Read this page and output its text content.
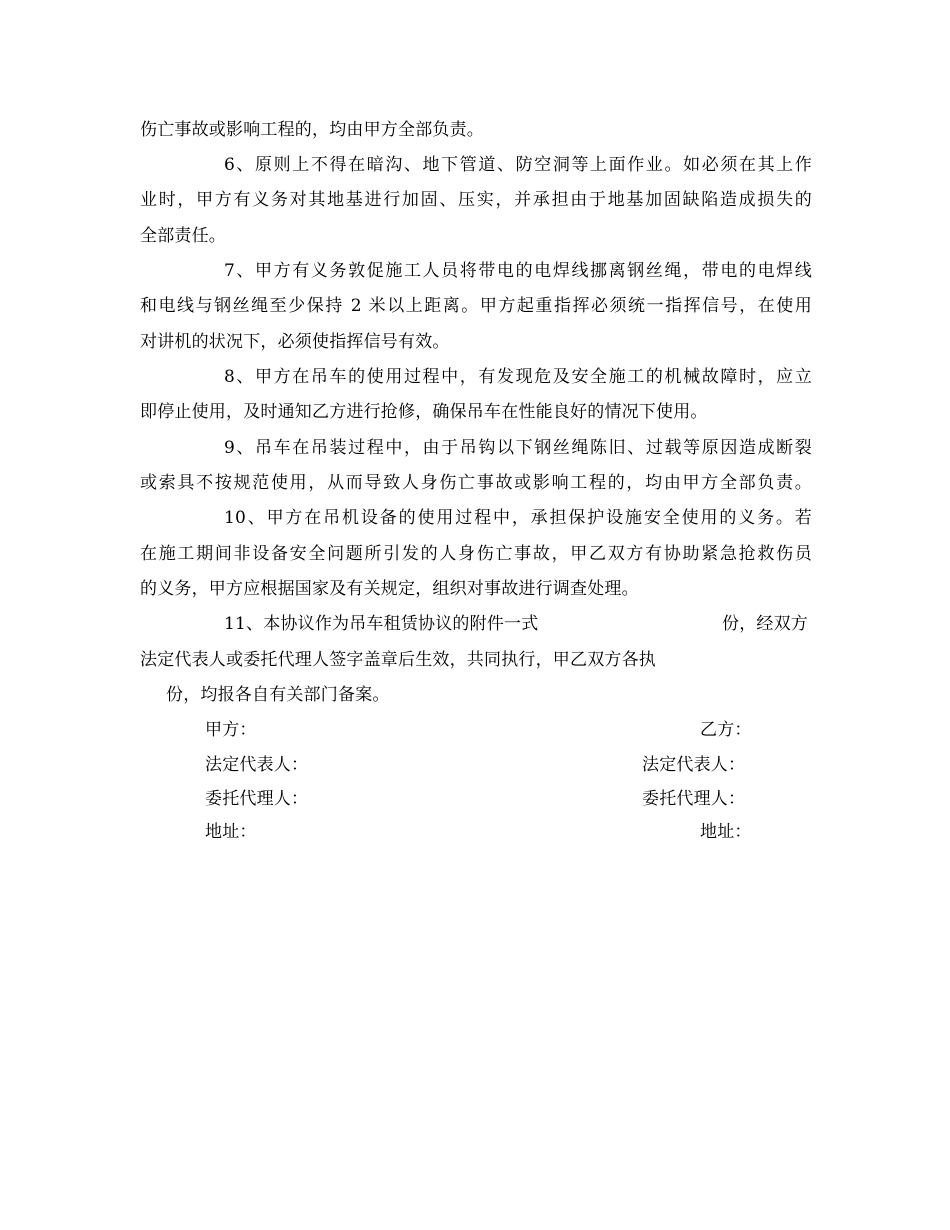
伤亡事故或影响工程的，均由甲方全部负责。
6、原则上不得在暗沟、地下管道、防空洞等上面作业。如必须在其上作
业时，甲方有义务对其地基进行加固、压实，并承担由于地基加固缺陷造成损失的
全部责任。
7、甲方有义务敦促施工人员将带电的电焊线挪离钢丝绳，带电的电焊线
和电线与钢丝绳至少保持 2 米以上距离。甲方起重指挥必须统一指挥信号，在使用
对讲机的状况下，必须使指挥信号有效。
8、甲方在吊车的使用过程中，有发现危及安全施工的机械故障时，应立
即停止使用，及时通知乙方进行抢修，确保吊车在性能良好的情况下使用。
9、吊车在吊装过程中，由于吊钩以下钢丝绳陈旧、过载等原因造成断裂
或索具不按规范使用，从而导致人身伤亡事故或影响工程的，均由甲方全部负责。
10、甲方在吊机设备的使用过程中，承担保护设施安全使用的义务。若
在施工期间非设备安全问题所引发的人身伤亡事故，甲乙双方有协助紧急抢救伤员
的义务，甲方应根据国家及有关规定，组织对事故进行调查处理。
11、本协议作为吊车租赁协议的附件一式	份，经双方
法定代表人或委托代理人签字盖章后生效，共同执行，甲乙双方各执
份，均报各自有关部门备案。
甲方：	乙方：
法定代表人：	法定代表人：
委托代理人：	委托代理人：
地址：	地址：
